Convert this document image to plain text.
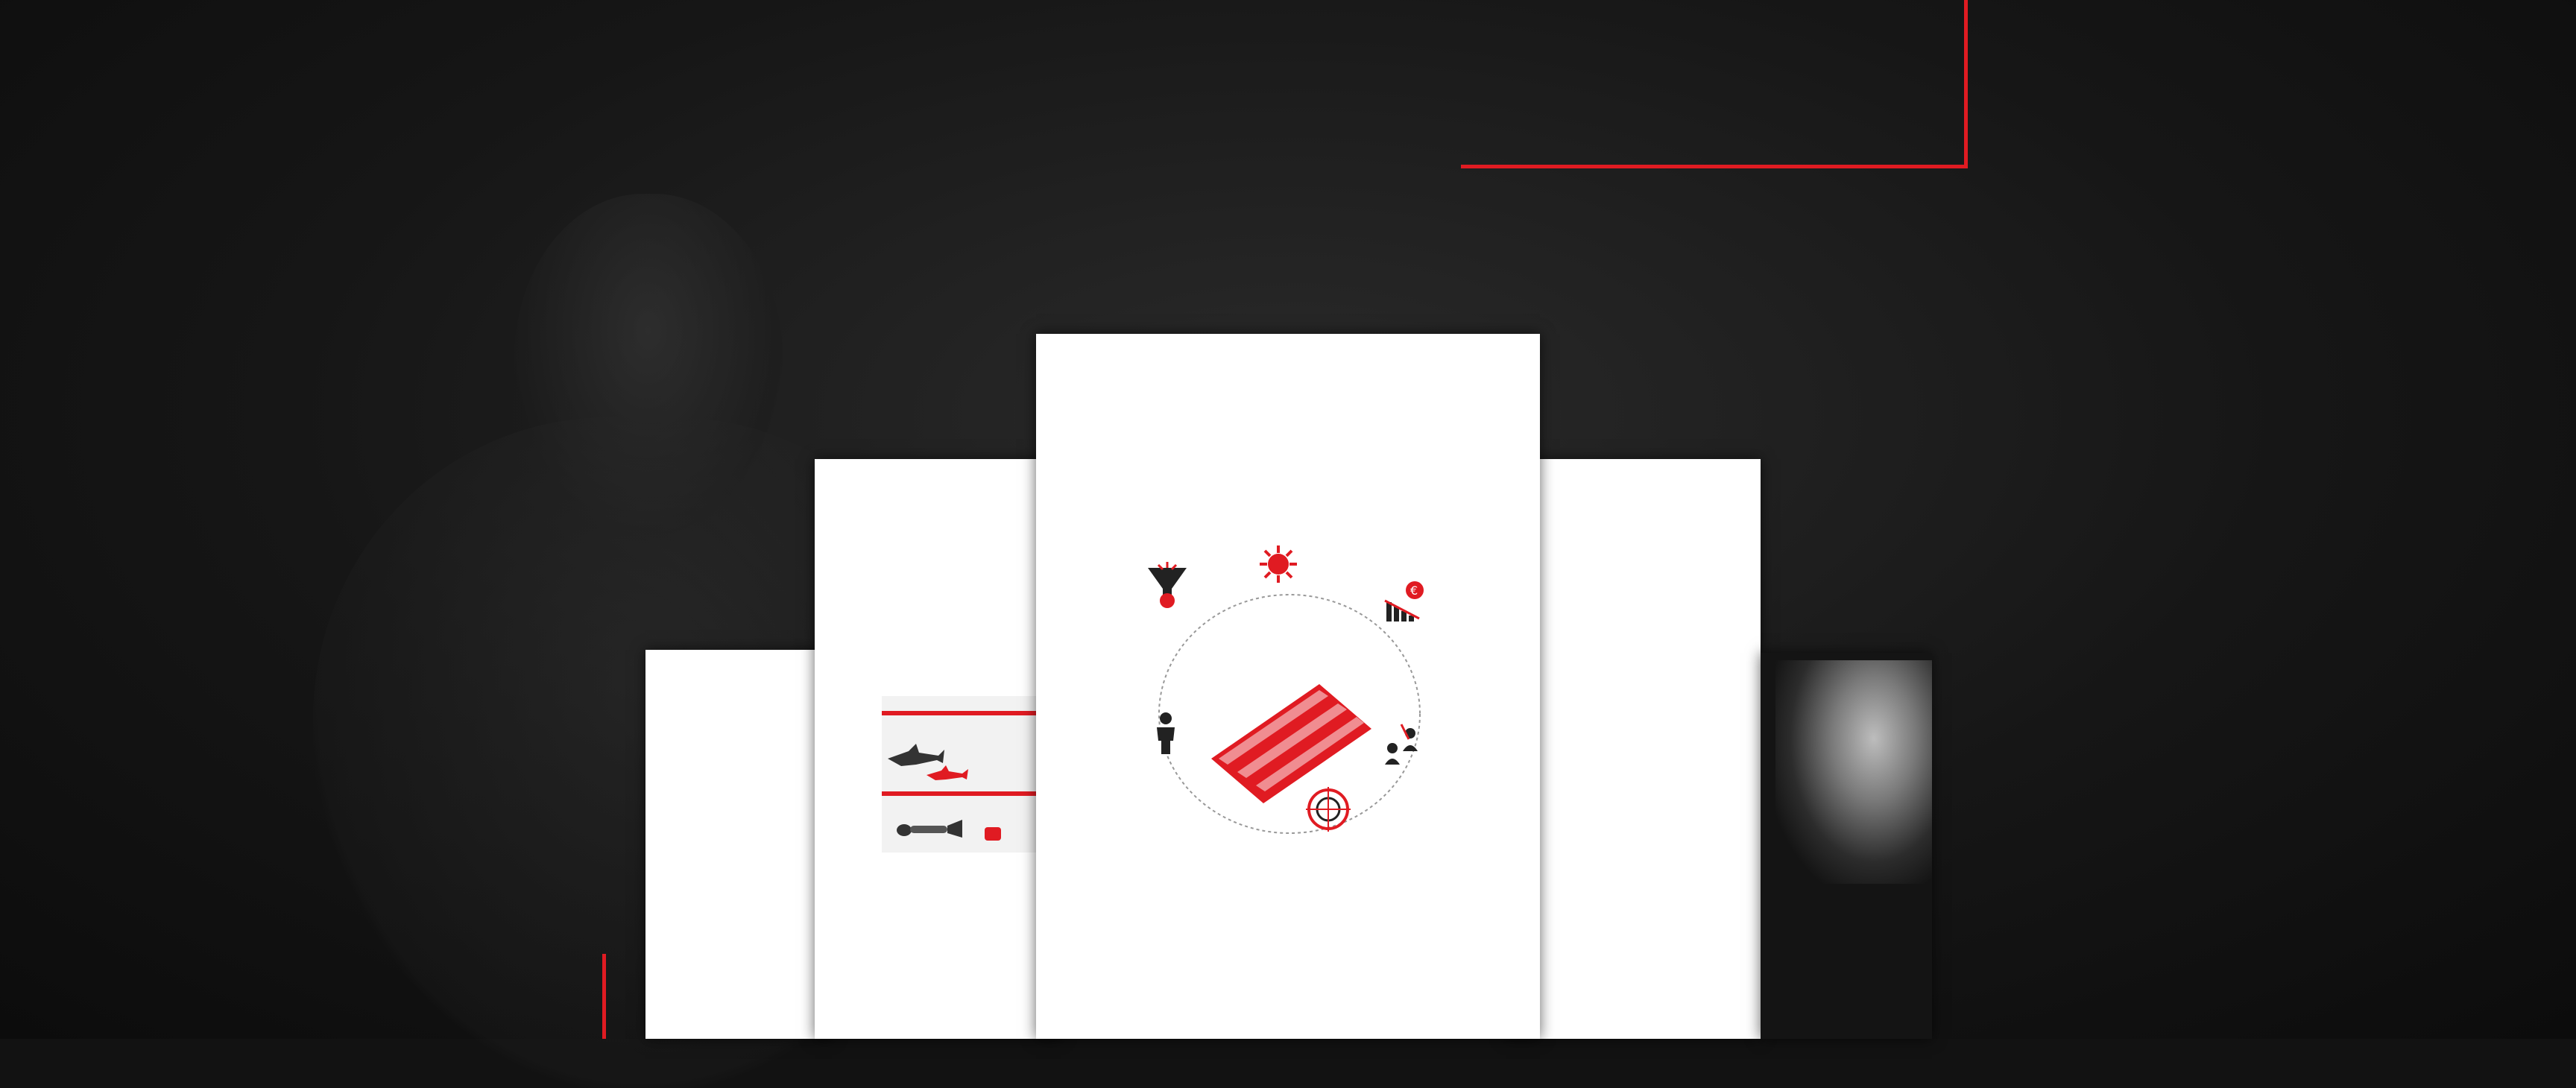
€
